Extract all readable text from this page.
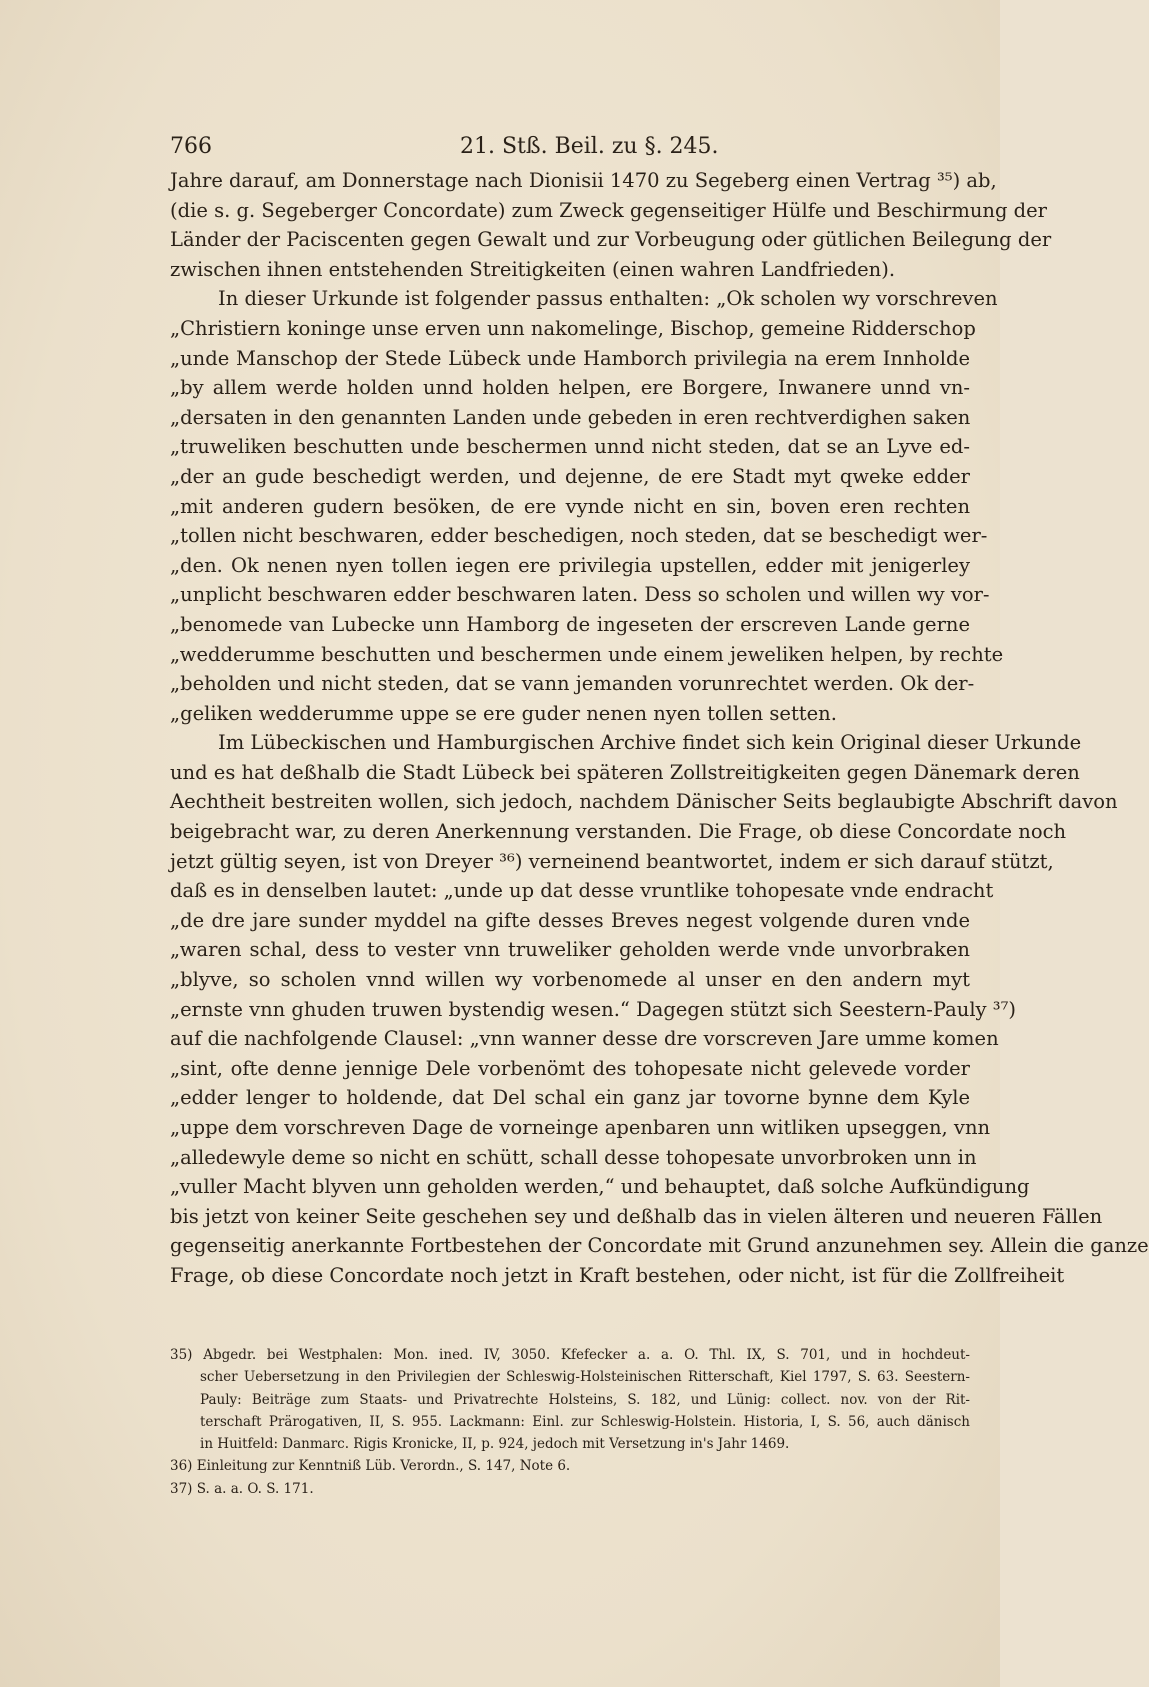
766	21. Stß. Beil. zu §. 245.
Jahre darauf, am Donnerstage nach Dionisii 1470 zu Segeberg einen Vertrag ³⁵) ab,
(die s. g. Segeberger Concordate) zum Zweck gegenseitiger Hülfe und Beschirmung der
Länder der Paciscenten gegen Gewalt und zur Vorbeugung oder gütlichen Beilegung der
zwischen ihnen entstehenden Streitigkeiten (einen wahren Landfrieden).
In dieser Urkunde ist folgender passus enthalten: „Ok scholen wy vorschreven
„Christiern koninge unse erven unn nakomelinge, Bischop, gemeine Ridderschop
„unde Manschop der Stede Lübeck unde Hamborch privilegia na erem Innholde
„by allem werde holden unnd holden helpen, ere Borgere, Inwanere unnd vn-
„dersaten in den genannten Landen unde gebeden in eren rechtverdighen saken
„truweliken beschutten unde beschermen unnd nicht steden, dat se an Lyve ed-
„der an gude beschedigt werden, und dejenne, de ere Stadt myt qweke edder
„mit anderen gudern besöken, de ere vynde nicht en sin, boven eren rechten
„tollen nicht beschwaren, edder beschedigen, noch steden, dat se beschedigt wer-
„den. Ok nenen nyen tollen iegen ere privilegia upstellen, edder mit jenigerley
„unplicht beschwaren edder beschwaren laten. Dess so scholen und willen wy vor-
„benomede van Lubecke unn Hamborg de ingeseten der erscreven Lande gerne
„wedderumme beschutten und beschermen unde einem jeweliken helpen, by rechte
„beholden und nicht steden, dat se vann jemanden vorunrechtet werden. Ok der-
„geliken wedderumme uppe se ere guder nenen nyen tollen setten.
Im Lübeckischen und Hamburgischen Archive findet sich kein Original dieser Urkunde
und es hat deßhalb die Stadt Lübeck bei späteren Zollstreitigkeiten gegen Dänemark deren
Aechtheit bestreiten wollen, sich jedoch, nachdem Dänischer Seits beglaubigte Abschrift davon
beigebracht war, zu deren Anerkennung verstanden. Die Frage, ob diese Concordate noch
jetzt gültig seyen, ist von Dreyer ³⁶) verneinend beantwortet, indem er sich darauf stützt,
daß es in denselben lautet: „unde up dat desse vruntlike tohopesate vnde endracht
„de dre jare sunder myddel na gifte desses Breves negest volgende duren vnde
„waren schal, dess to vester vnn truweliker geholden werde vnde unvorbraken
„blyve, so scholen vnnd willen wy vorbenomede al unser en den andern myt
„ernste vnn ghuden truwen bystendig wesen.“ Dagegen stützt sich Seestern-Pauly ³⁷)
auf die nachfolgende Clausel: „vnn wanner desse dre vorscreven Jare umme komen
„sint, ofte denne jennige Dele vorbenömt des tohopesate nicht gelevede vorder
„edder lenger to holdende, dat Del schal ein ganz jar tovorne bynne dem Kyle
„uppe dem vorschreven Dage de vorneinge apenbaren unn witliken upseggen, vnn
„alledewyle deme so nicht en schütt, schall desse tohopesate unvorbroken unn in
„vuller Macht blyven unn geholden werden,“ und behauptet, daß solche Aufkündigung
bis jetzt von keiner Seite geschehen sey und deßhalb das in vielen älteren und neueren Fällen
gegenseitig anerkannte Fortbestehen der Concordate mit Grund anzunehmen sey. Allein die ganze
Frage, ob diese Concordate noch jetzt in Kraft bestehen, oder nicht, ist für die Zollfreiheit
35) Abgedr. bei Westphalen: Mon. ined. IV, 3050. Kfefecker a. a. O. Thl. IX, S. 701, und in hochdeut-
scher Uebersetzung in den Privilegien der Schleswig-Holsteinischen Ritterschaft, Kiel 1797, S. 63. Seestern-
Pauly: Beiträge zum Staats- und Privatrechte Holsteins, S. 182, und Lünig: collect. nov. von der Rit-
terschaft Prärogativen, II, S. 955. Lackmann: Einl. zur Schleswig-Holstein. Historia, I, S. 56, auch dänisch
in Huitfeld: Danmarc. Rigis Kronicke, II, p. 924, jedoch mit Versetzung in's Jahr 1469.
36) Einleitung zur Kenntniß Lüb. Verordn., S. 147, Note 6.
37) S. a. a. O. S. 171.
